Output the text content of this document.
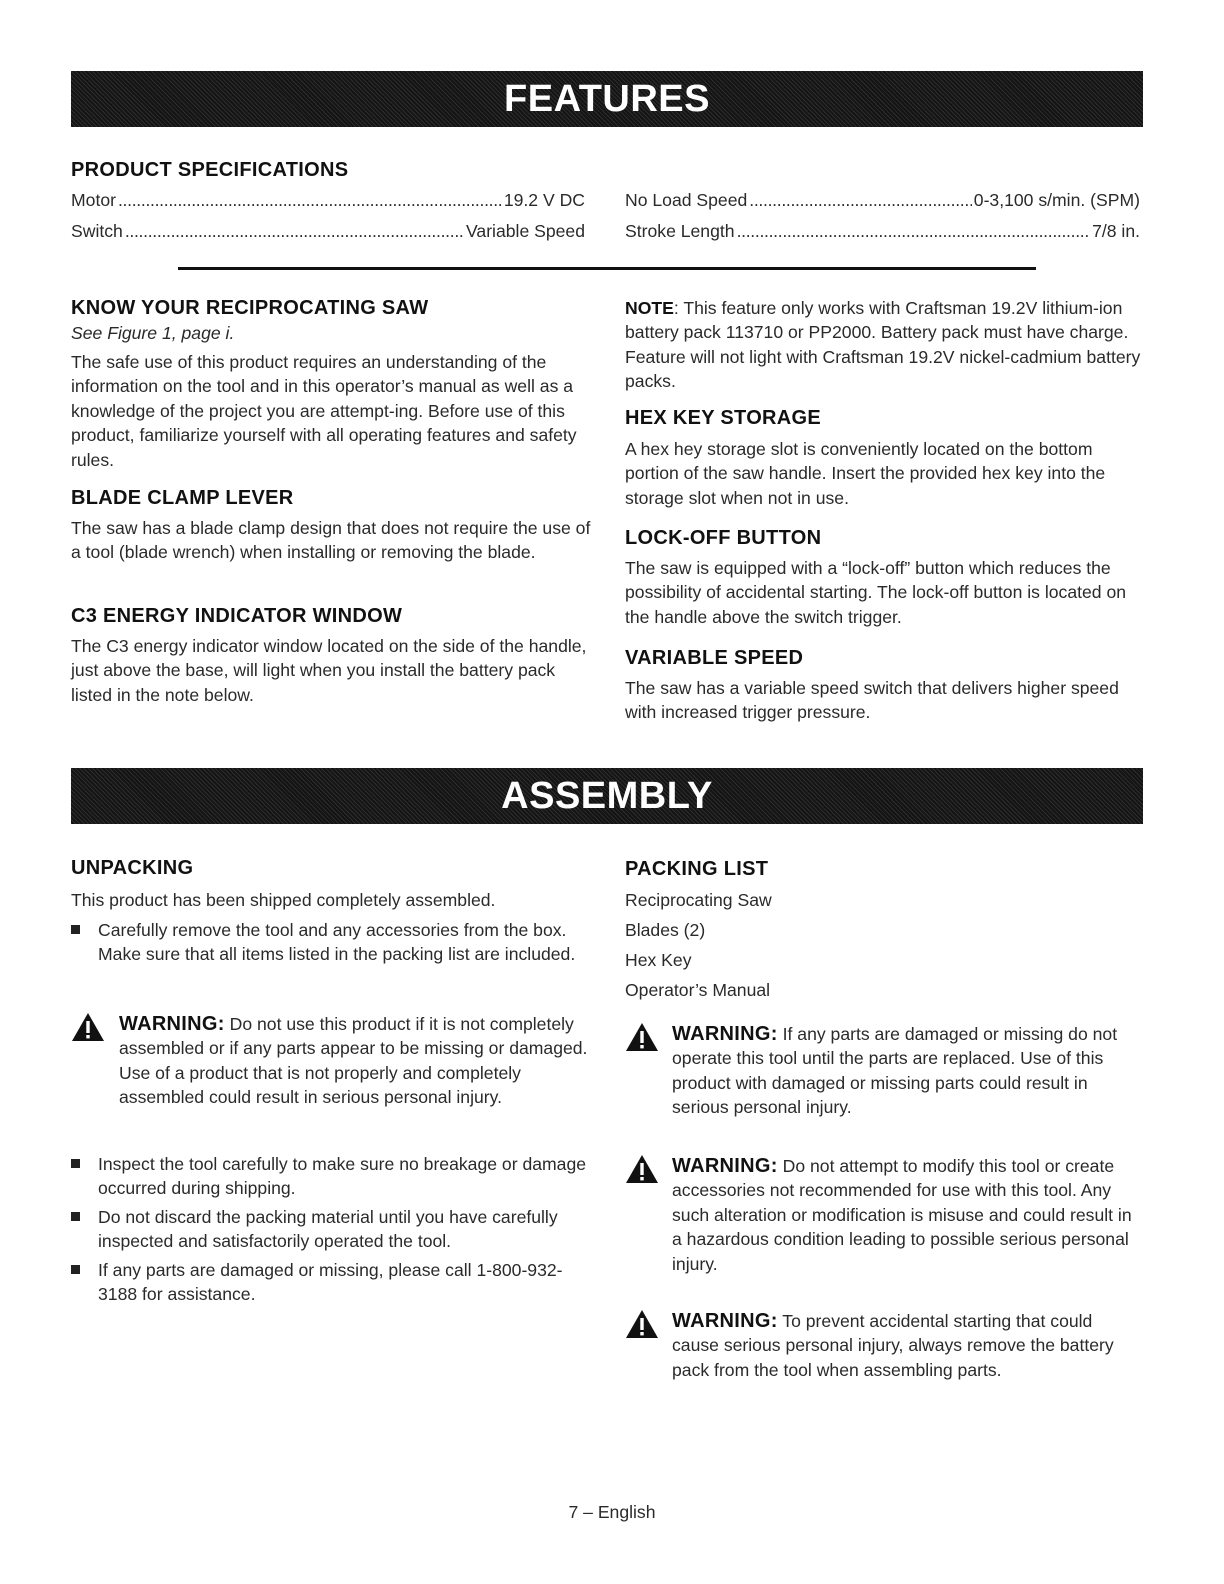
FEATURES
PRODUCT SPECIFICATIONS
Motor . . .	19.2 V DC
Switch . . .	Variable Speed
No Load Speed . . .	0-3,100 s/min. (SPM)
Stroke Length . . .	7/8 in.
KNOW YOUR RECIPROCATING SAW

See Figure 1, page i.

The safe use of this product requires an understanding of the information on the tool and in this operator’s manual as well as a knowledge of the project you are attempt-ing. Before use of this product, familiarize yourself with all operating features and safety rules.

BLADE CLAMP LEVER

The saw has a blade clamp design that does not require the use of a tool (blade wrench) when installing or removing the blade.

C3 ENERGY INDICATOR WINDOW

The C3 energy indicator window located on the side of the handle, just above the base, will light when you install the battery pack listed in the note below.

NOTE: This feature only works with Craftsman 19.2V lithium-ion battery pack 113710 or PP2000. Battery pack must have charge. Feature will not light with Craftsman 19.2V nickel-cadmium battery packs.

HEX KEY STORAGE

A hex hey storage slot is conveniently located on the bottom portion of the saw handle. Insert the provided hex key into the storage slot when not in use.

LOCK-OFF BUTTON

The saw is equipped with a “lock-off” button which reduces the possibility of accidental starting. The lock-off button is located on the handle above the switch trigger.

VARIABLE SPEED

The saw has a variable speed switch that delivers higher speed with increased trigger pressure.

ASSEMBLY
UNPACKING

This product has been shipped completely assembled.

Carefully remove the tool and any accessories from the box. Make sure that all items listed in the packing list are included.
WARNING: Do not use this product if it is not completely assembled or if any parts appear to be missing or damaged. Use of a product that is not properly and completely assembled could result in serious personal injury.
Inspect the tool carefully to make sure no breakage or damage occurred during shipping.
Do not discard the packing material until you have carefully inspected and satisfactorily operated the tool.
If any parts are damaged or missing, please call 1-800-932-3188 for assistance.
PACKING LIST
Reciprocating Saw
Blades (2)
Hex Key
Operator’s Manual
WARNING: If any parts are damaged or missing do not operate this tool until the parts are replaced. Use of this product with damaged or missing parts could result in serious personal injury.
WARNING: Do not attempt to modify this tool or create accessories not recommended for use with this tool. Any such alteration or modification is misuse and could result in a hazardous condition leading to possible serious personal injury.
WARNING: To prevent accidental starting that could cause serious personal injury, always remove the battery pack from the tool when assembling parts.
7 – English
